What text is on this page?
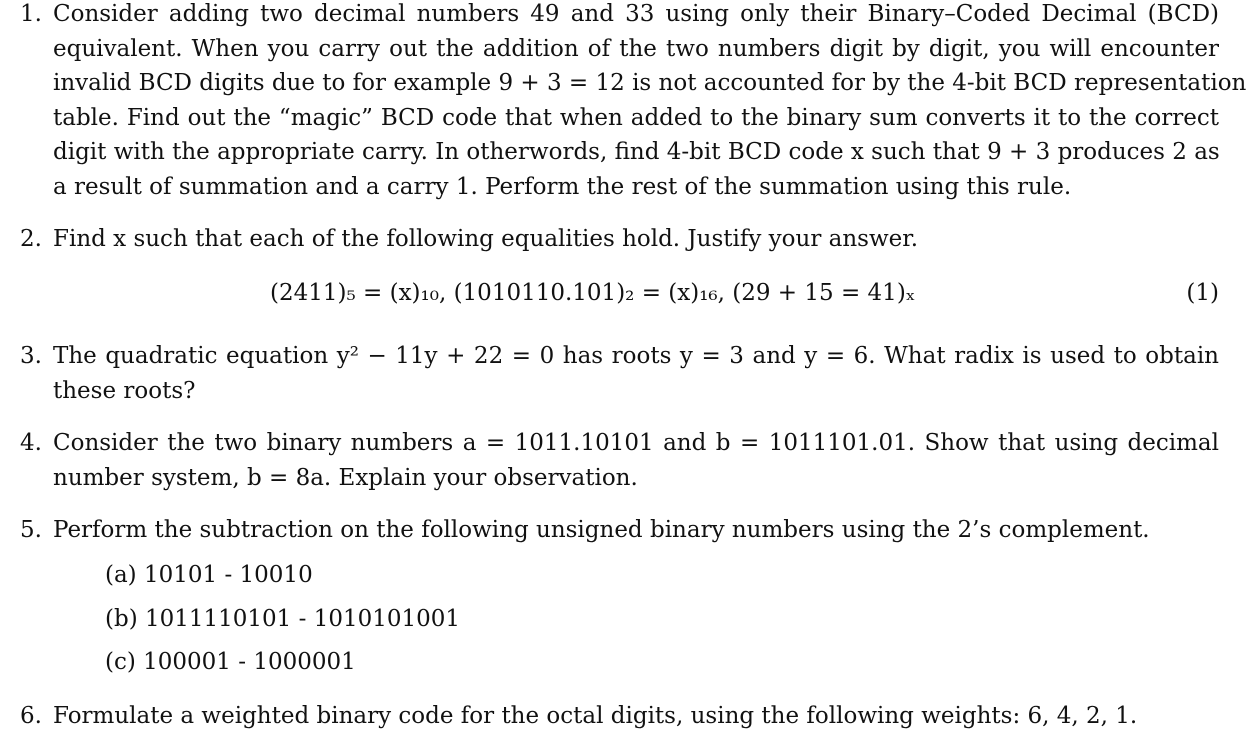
1. Consider adding two decimal numbers 49 and 33 using only their Binary–Coded Decimal (BCD)
equivalent. When you carry out the addition of the two numbers digit by digit, you will encounter
invalid BCD digits due to for example 9 + 3 = 12 is not accounted for by the 4-bit BCD representation
table. Find out the “magic” BCD code that when added to the binary sum converts it to the correct
digit with the appropriate carry. In otherwords, find 4-bit BCD code x such that 9 + 3 produces 2 as
a result of summation and a carry 1. Perform the rest of the summation using this rule.
2. Find x such that each of the following equalities hold. Justify your answer.
(2411)₅ = (x)₁₀, (1010110.101)₂ = (x)₁₆, (29 + 15 = 41)ₓ	(1)
3. The quadratic equation y² − 11y + 22 = 0 has roots y = 3 and y = 6. What radix is used to obtain
these roots?
4. Consider the two binary numbers a = 1011.10101 and b = 1011101.01. Show that using decimal
number system, b = 8a. Explain your observation.
5. Perform the subtraction on the following unsigned binary numbers using the 2’s complement.
(a) 10101 - 10010
(b) 1011110101 - 1010101001
(c) 100001 - 1000001
6. Formulate a weighted binary code for the octal digits, using the following weights: 6, 4, 2, 1.
